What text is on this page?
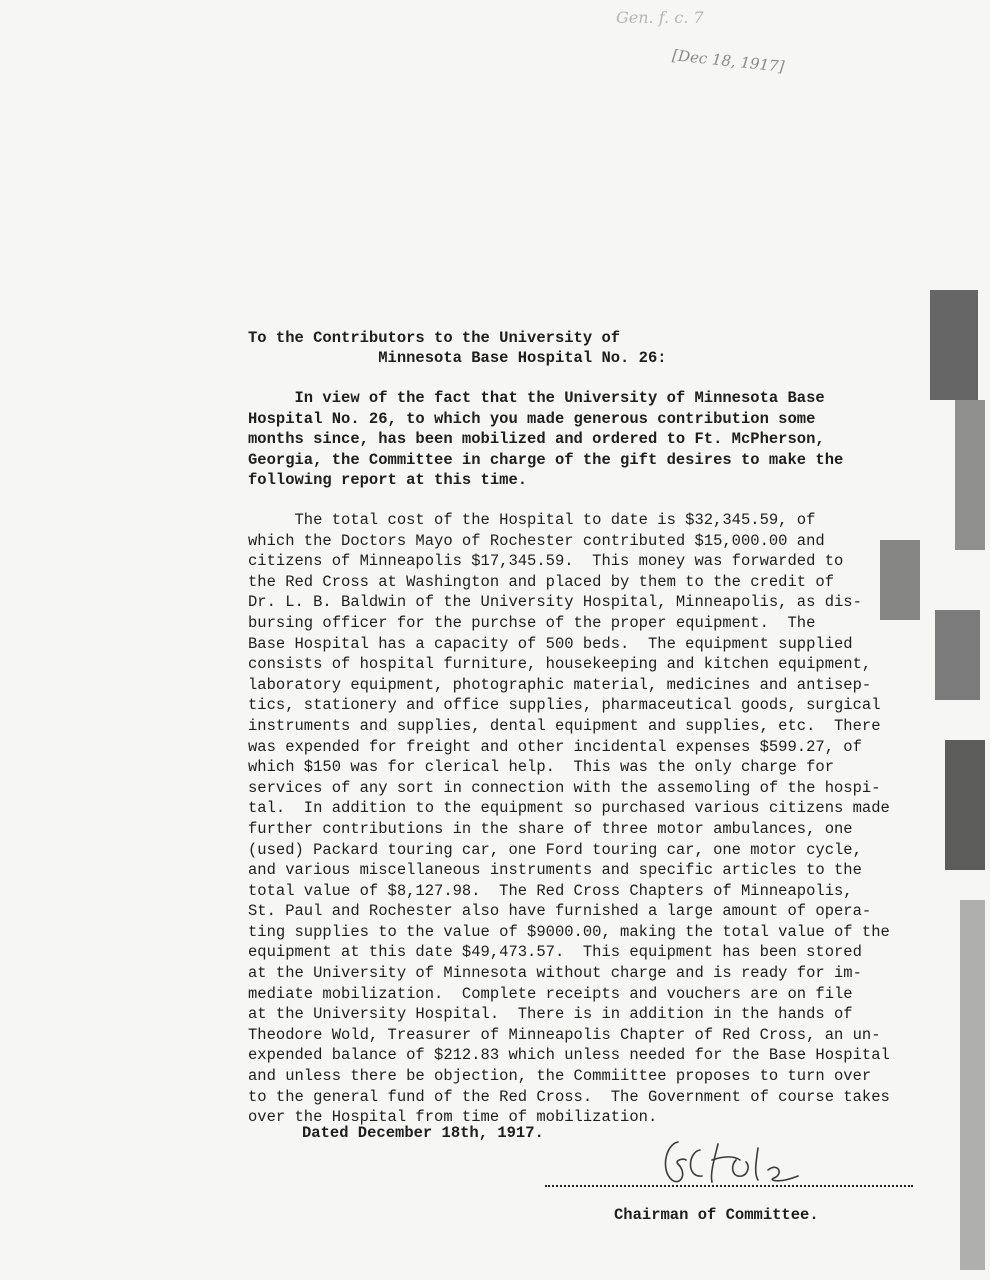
Gen. f. c. 7
[Dec 18, 1917]
To the Contributors to the University of
Minnesota Base Hospital No. 26:

In view of the fact that the University of Minnesota Base
Hospital No. 26, to which you made generous contribution some
months since, has been mobilized and ordered to Ft. McPherson,
Georgia, the Committee in charge of the gift desires to make the
following report at this time.

The total cost of the Hospital to date is $32,345.59, of
which the Doctors Mayo of Rochester contributed $15,000.00 and
citizens of Minneapolis $17,345.59.  This money was forwarded to
the Red Cross at Washington and placed by them to the credit of
Dr. L. B. Baldwin of the University Hospital, Minneapolis, as dis-
bursing officer for the purchse of the proper equipment.  The
Base Hospital has a capacity of 500 beds.  The equipment supplied
consists of hospital furniture, housekeeping and kitchen equipment,
laboratory equipment, photographic material, medicines and antisep-
tics, stationery and office supplies, pharmaceutical goods, surgical
instruments and supplies, dental equipment and supplies, etc.  There
was expended for freight and other incidental expenses $599.27, of
which $150 was for clerical help.  This was the only charge for
services of any sort in connection with the assemoling of the hospi-
tal.  In addition to the equipment so purchased various citizens made
further contributions in the share of three motor ambulances, one
(used) Packard touring car, one Ford touring car, one motor cycle,
and various miscellaneous instruments and specific articles to the
total value of $8,127.98.  The Red Cross Chapters of Minneapolis,
St. Paul and Rochester also have furnished a large amount of opera-
ting supplies to the value of $9000.00, making the total value of the
equipment at this date $49,473.57.  This equipment has been stored
at the University of Minnesota without charge and is ready for im-
mediate mobilization.  Complete receipts and vouchers are on file
at the University Hospital.  There is in addition in the hands of
Theodore Wold, Treasurer of Minneapolis Chapter of Red Cross, an un-
expended balance of $212.83 which unless needed for the Base Hospital
and unless there be objection, the Commiittee proposes to turn over
to the general fund of the Red Cross.  The Government of course takes
over the Hospital from time of mobilization.

Dated December 18th, 1917.
Chairman of Committee.
